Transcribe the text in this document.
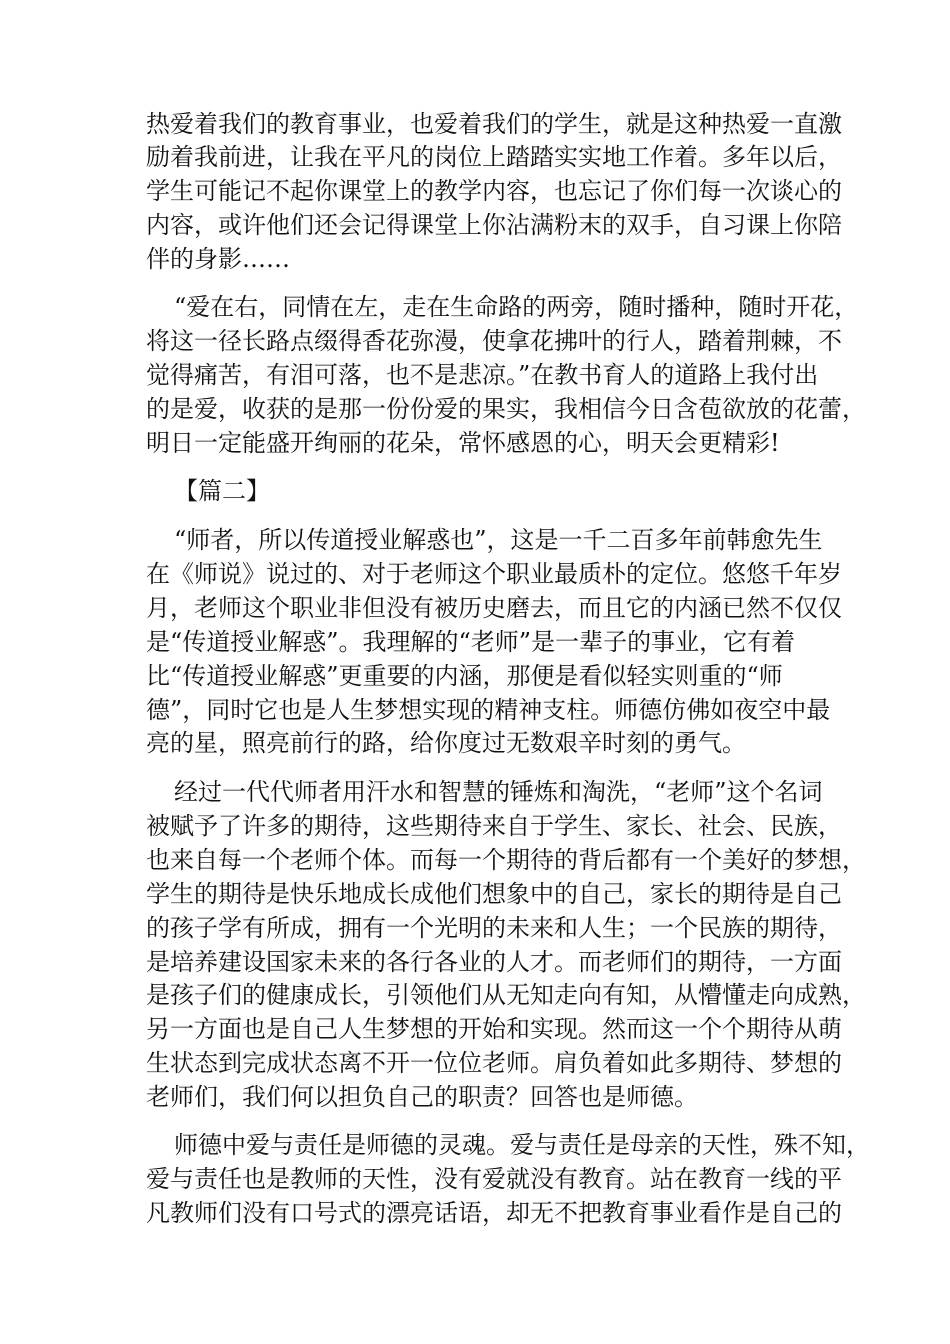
热爱着我们的教育事业，也爱着我们的学生，就是这种热爱一直激

励着我前进，让我在平凡的岗位上踏踏实实地工作着。多年以后，

学生可能记不起你课堂上的教学内容，也忘记了你们每一次谈心的

内容，或许他们还会记得课堂上你沾满粉末的双手，自习课上你陪

伴的身影……

“爱在右，同情在左，走在生命路的两旁，随时播种，随时开花，

将这一径长路点缀得香花弥漫，使拿花拂叶的行人，踏着荆棘，不

觉得痛苦，有泪可落，也不是悲凉。”在教书育人的道路上我付出

的是爱，收获的是那一份份爱的果实，我相信今日含苞欲放的花蕾，

明日一定能盛开绚丽的花朵，常怀感恩的心，明天会更精彩!

【篇二】

“师者，所以传道授业解惑也”，这是一千二百多年前韩愈先生

在《师说》说过的、对于老师这个职业最质朴的定位。悠悠千年岁

月，老师这个职业非但没有被历史磨去，而且它的内涵已然不仅仅

是“传道授业解惑”。我理解的“老师”是一辈子的事业，它有着

比“传道授业解惑”更重要的内涵，那便是看似轻实则重的“师

德”，同时它也是人生梦想实现的精神支柱。师德仿佛如夜空中最

亮的星，照亮前行的路，给你度过无数艰辛时刻的勇气。

经过一代代师者用汗水和智慧的锤炼和淘洗，“老师”这个名词

被赋予了许多的期待，这些期待来自于学生、家长、社会、民族，

也来自每一个老师个体。而每一个期待的背后都有一个美好的梦想，

学生的期待是快乐地成长成他们想象中的自己，家长的期待是自己

的孩子学有所成，拥有一个光明的未来和人生；一个民族的期待，

是培养建设国家未来的各行各业的人才。而老师们的期待，一方面

是孩子们的健康成长，引领他们从无知走向有知，从懵懂走向成熟，

另一方面也是自己人生梦想的开始和实现。然而这一个个期待从萌

生状态到完成状态离不开一位位老师。肩负着如此多期待、梦想的

老师们，我们何以担负自己的职责？回答也是师德。

师德中爱与责任是师德的灵魂。爱与责任是母亲的天性，殊不知，

爱与责任也是教师的天性，没有爱就没有教育。站在教育一线的平

凡教师们没有口号式的漂亮话语，却无不把教育事业看作是自己的
